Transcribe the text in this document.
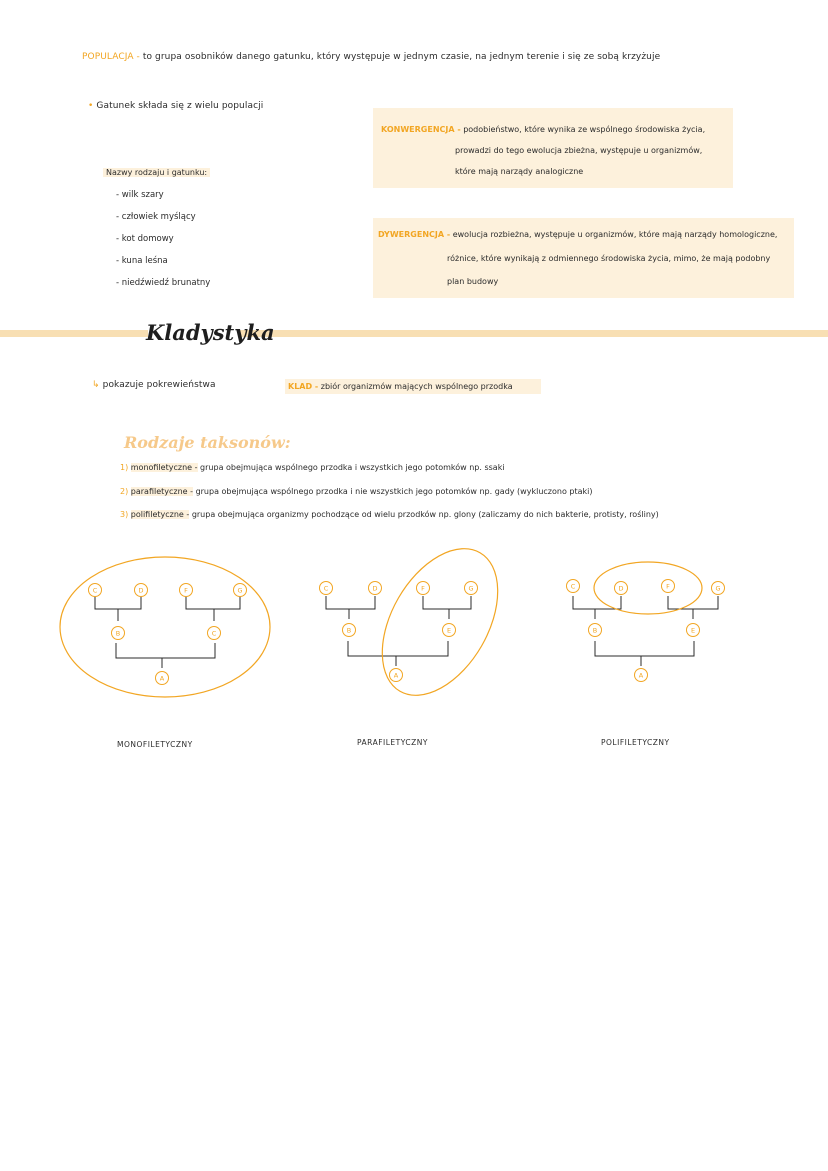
POPULACJA - to grupa osobników danego gatunku, który występuje w jednym czasie, na jednym terenie i się ze sobą krzyżuje
• Gatunek składa się z wielu populacji
KONWERGENCJA - podobieństwo, które wynika ze wspólnego środowiska życia,
prowadzi do tego ewolucja zbieżna, występuje u organizmów,
które mają narządy analogiczne
Nazwy rodzaju i gatunku:
- wilk szary
- człowiek myślący
- kot domowy
- kuna leśna
- niedźwiedź brunatny
DYWERGENCJA - ewolucja rozbieżna, występuje u organizmów, które mają narządy homologiczne,
różnice, które wynikają z odmiennego środowiska życia, mimo, że mają podobny
plan budowy
Kladystyka
↳ pokazuje pokrewieństwa	KLAD - zbiór organizmów mających wspólnego przodka
Rodzaje taksonów:
1) monofiletyczne - grupa obejmująca wspólnego przodka i wszystkich jego potomków np. ssaki
2) parafiletyczne - grupa obejmująca wspólnego przodka i nie wszystkich jego potomków np. gady (wykluczono ptaki)
3) polifiletyczne - grupa obejmująca organizmy pochodzące od wielu przodków np. glony (zaliczamy do nich bakterie, protisty, rośliny)
C	D	F	G
B	C
A
C	D	F	G
B	E
A
C	D	F	G
B	E
A
MONOFILETYCZNY	PARAFILETYCZNY	POLIFILETYCZNY
